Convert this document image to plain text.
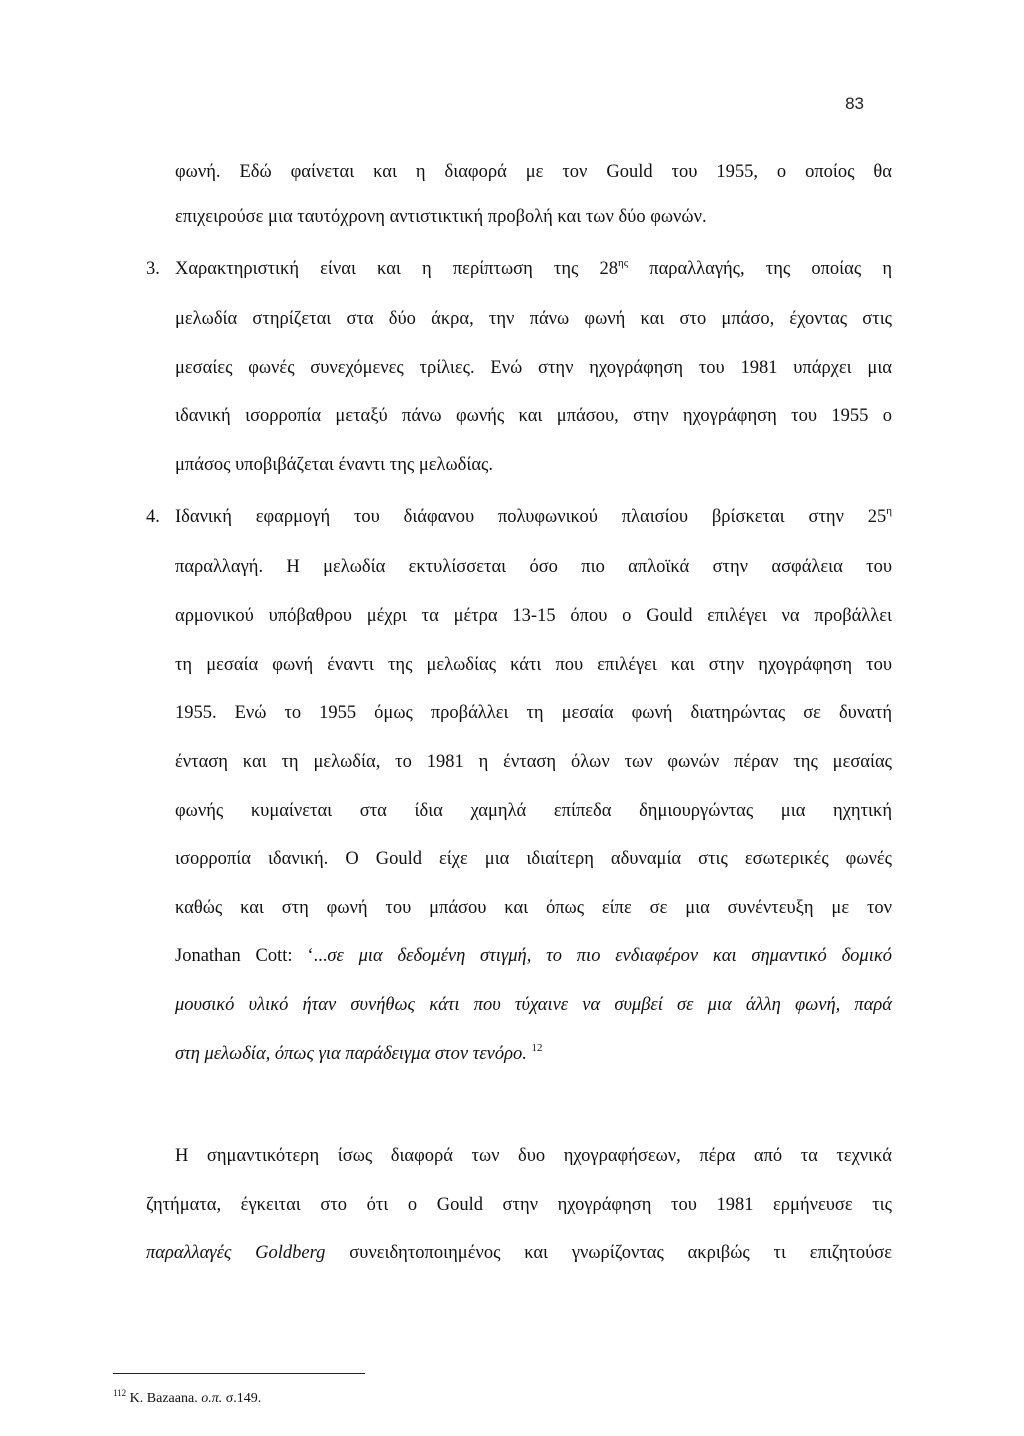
83
φωνή. Εδώ φαίνεται και η διαφορά με τον Gould του 1955, ο οποίος θα
επιχειρούσε μια ταυτόχρονη αντιστικτική προβολή και των δύο φωνών.
3. Χαρακτηριστική είναι και η περίπτωση της $28^{\eta\varsigma}$ παραλλαγής, της οποίας η
μελωδία στηρίζεται στα δύο άκρα, την πάνω φωνή και στο μπάσο, έχοντας στις
μεσαίες φωνές συνεχόμενες τρίλιες. Ενώ στην ηχογράφηση του 1981 υπάρχει μια
ιδανική ισορροπία μεταξύ πάνω φωνής και μπάσου, στην ηχογράφηση του 1955 ο
μπάσος υποβιβάζεται έναντι της μελωδίας.
4. Ιδανική εφαρμογή του διάφανου πολυφωνικού πλαισίου βρίσκεται στην $25^\eta$
παραλλαγή. Η μελωδία εκτυλίσσεται όσο πιο απλοϊκά στην ασφάλεια του
αρμονικού υπόβαθρου μέχρι τα μέτρα 13-15 όπου ο Gould επιλέγει να προβάλλει
τη μεσαία φωνή έναντι της μελωδίας κάτι που επιλέγει και στην ηχογράφηση του
1955. Ενώ το 1955 όμως προβάλλει τη μεσαία φωνή διατηρώντας σε δυνατή
ένταση και τη μελωδία, το 1981 η ένταση όλων των φωνών πέραν της μεσαίας
φωνής κυμαίνεται στα ίδια χαμηλά επίπεδα δημιουργώντας μια ηχητική
ισορροπία ιδανική. Ο Gould είχε μια ιδιαίτερη αδυναμία στις εσωτερικές φωνές
καθώς και στη φωνή του μπάσου και όπως είπε σε μια συνέντευξη με τον
Jonathan Cott: ‘...σε μια δεδομένη στιγμή, το πιο ενδιαφέρον και σημαντικό δομικό
μουσικό υλικό ήταν συνήθως κάτι που τύχαινε να συμβεί σε μια άλλη φωνή, παρά
στη μελωδία, όπως για παράδειγμα στον τενόρο. $^{12}$
Η σημαντικότερη ίσως διαφορά των δυο ηχογραφήσεων, πέρα από τα τεχνικά
ζητήματα, έγκειται στο ότι ο Gould στην ηχογράφηση του 1981 ερμήνευσε τις
παραλλαγές Goldberg συνειδητοποιημένος και γνωρίζοντας ακριβώς τι επιζητούσε
$^{112}$ Κ. Bazaana. ο.π. σ.149.
